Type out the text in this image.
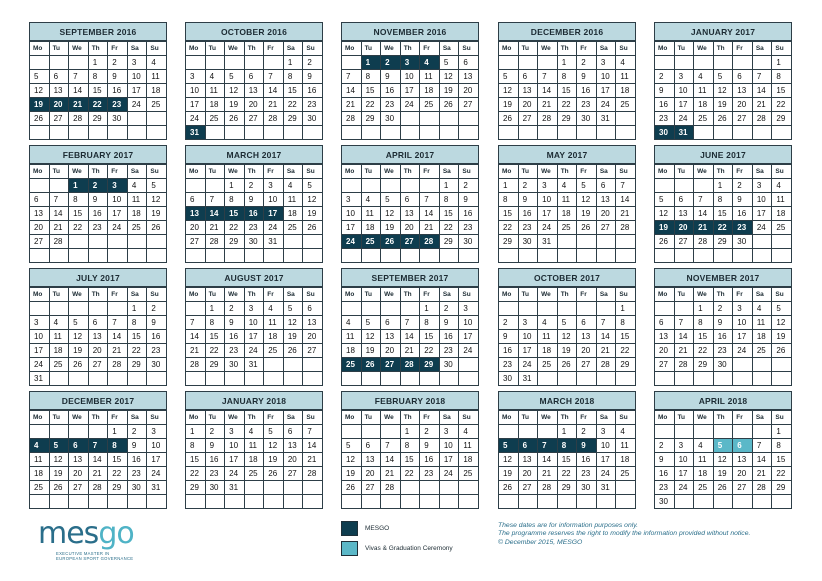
SEPTEMBER 2016
Mo	Tu	We	Th	Fr	Sa	Su
			1	2	3	4
5	6	7	8	9	10	11
12	13	14	15	16	17	18
19	20	21	22	23	24	25
26	27	28	29	30		

OCTOBER 2016
Mo	Tu	We	Th	Fr	Sa	Su
					1	2
3	4	5	6	7	8	9
10	11	12	13	14	15	16
17	18	19	20	21	22	23
24	25	26	27	28	29	30
31						
NOVEMBER 2016
Mo	Tu	We	Th	Fr	Sa	Su
	1	2	3	4	5	6
7	8	9	10	11	12	13
14	15	16	17	18	19	20
21	22	23	24	25	26	27
28	29	30				

DECEMBER 2016
Mo	Tu	We	Th	Fr	Sa	Su
			1	2	3	4
5	6	7	8	9	10	11
12	13	14	15	16	17	18
19	20	21	22	23	24	25
26	27	28	29	30	31	

JANUARY 2017
Mo	Tu	We	Th	Fr	Sa	Su
						1
2	3	4	5	6	7	8
9	10	11	12	13	14	15
16	17	18	19	20	21	22
23	24	25	26	27	28	29
30	31					
FEBRUARY 2017
Mo	Tu	We	Th	Fr	Sa	Su
		1	2	3	4	5
6	7	8	9	10	11	12
13	14	15	16	17	18	19
20	21	22	23	24	25	26
27	28					

MARCH 2017
Mo	Tu	We	Th	Fr	Sa	Su
		1	2	3	4	5
6	7	8	9	10	11	12
13	14	15	16	17	18	19
20	21	22	23	24	25	26
27	28	29	30	31		

APRIL 2017
Mo	Tu	We	Th	Fr	Sa	Su
					1	2
3	4	5	6	7	8	9
10	11	12	13	14	15	16
17	18	19	20	21	22	23
24	25	26	27	28	29	30

MAY 2017
Mo	Tu	We	Th	Fr	Sa	Su
1	2	3	4	5	6	7
8	9	10	11	12	13	14
15	16	17	18	19	20	21
22	23	24	25	26	27	28
29	30	31				

JUNE 2017
Mo	Tu	We	Th	Fr	Sa	Su
			1	2	3	4
5	6	7	8	9	10	11
12	13	14	15	16	17	18
19	20	21	22	23	24	25
26	27	28	29	30		

JULY 2017
Mo	Tu	We	Th	Fr	Sa	Su
					1	2
3	4	5	6	7	8	9
10	11	12	13	14	15	16
17	18	19	20	21	22	23
24	25	26	27	28	29	30
31						
AUGUST 2017
Mo	Tu	We	Th	Fr	Sa	Su
	1	2	3	4	5	6
7	8	9	10	11	12	13
14	15	16	17	18	19	20
21	22	23	24	25	26	27
28	29	30	31			

SEPTEMBER 2017
Mo	Tu	We	Th	Fr	Sa	Su
				1	2	3
4	5	6	7	8	9	10
11	12	13	14	15	16	17
18	19	20	21	22	23	24
25	26	27	28	29	30	

OCTOBER 2017
Mo	Tu	We	Th	Fr	Sa	Su
						1
2	3	4	5	6	7	8
9	10	11	12	13	14	15
16	17	18	19	20	21	22
23	24	25	26	27	28	29
30	31					
NOVEMBER 2017
Mo	Tu	We	Th	Fr	Sa	Su
		1	2	3	4	5
6	7	8	9	10	11	12
13	14	15	16	17	18	19
20	21	22	23	24	25	26
27	28	29	30			

DECEMBER 2017
Mo	Tu	We	Th	Fr	Sa	Su
				1	2	3
4	5	6	7	8	9	10
11	12	13	14	15	16	17
18	19	20	21	22	23	24
25	26	27	28	29	30	31

JANUARY 2018
Mo	Tu	We	Th	Fr	Sa	Su
1	2	3	4	5	6	7
8	9	10	11	12	13	14
15	16	17	18	19	20	21
22	23	24	25	26	27	28
29	30	31				

FEBRUARY 2018
Mo	Tu	We	Th	Fr	Sa	Su
			1	2	3	4
5	6	7	8	9	10	11
12	13	14	15	16	17	18
19	20	21	22	23	24	25
26	27	28				

MARCH 2018
Mo	Tu	We	Th	Fr	Sa	Su
			1	2	3	4
5	6	7	8	9	10	11
12	13	14	15	16	17	18
19	20	21	22	23	24	25
26	27	28	29	30	31	

APRIL 2018
Mo	Tu	We	Th	Fr	Sa	Su
						1
2	3	4	5	6	7	8
9	10	11	12	13	14	15
16	17	18	19	20	21	22
23	24	25	26	27	28	29
30						
mesgo
EXECUTIVE MASTER IN EUROPEAN SPORT GOVERNANCE
MESGO
Vivas & Graduation Ceremony
These dates are for information purposes only.
The programme reserves the right to modify the information provided without notice.
© December 2015, MESGO
